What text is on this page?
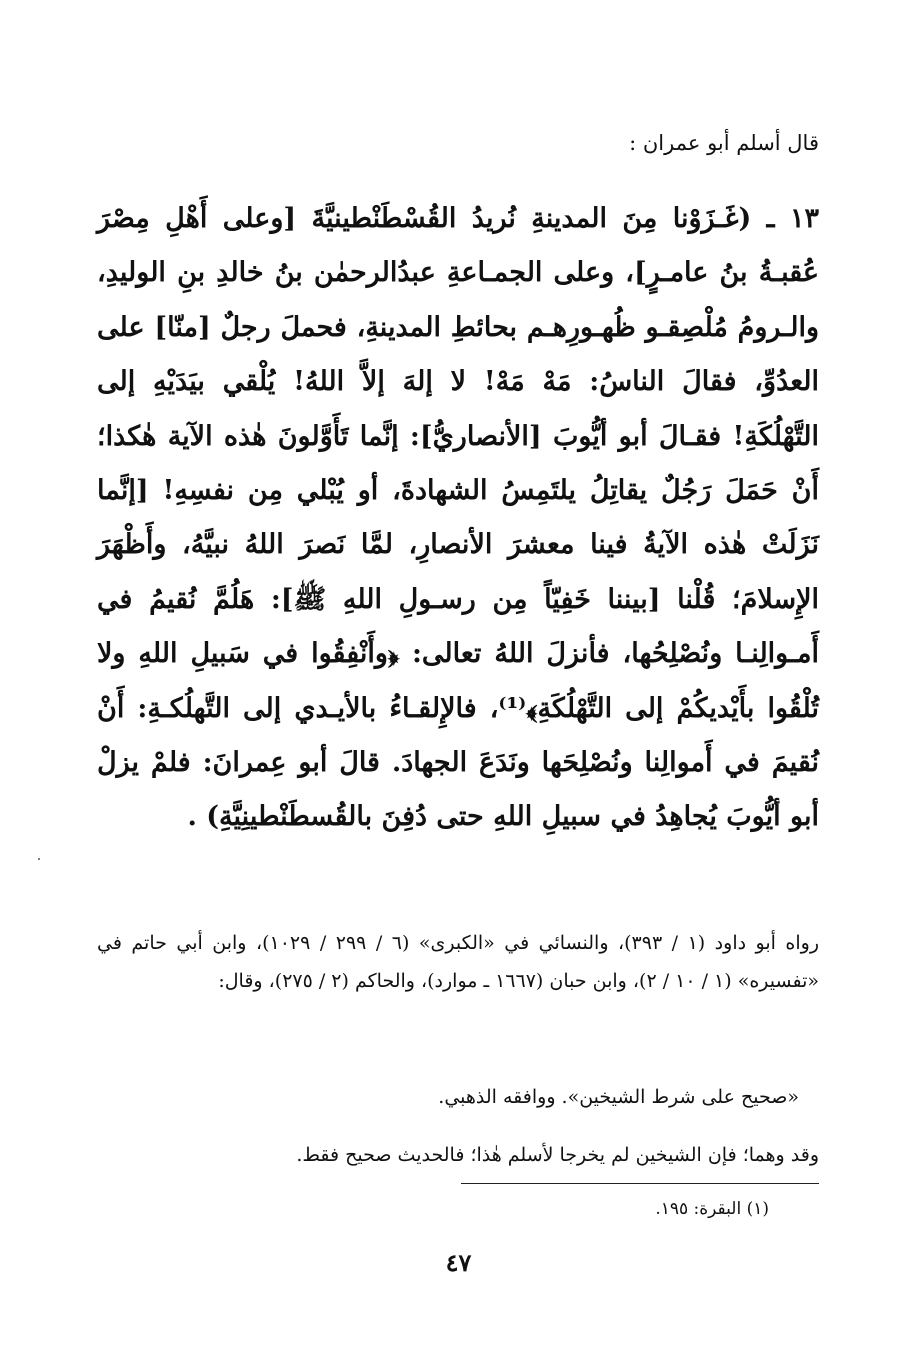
قال أسلم أبو عمران :

١٣ ـ (غَـزَوْنا مِنَ المدينةِ نُريدُ القُسْطَنْطينيَّةَ [وعلى أَهْلِ مِصْرَ عُقبـةُ بنُ عامـرٍ]، وعلى الجمـاعةِ عبدُالرحمٰن بنُ خالدِ بنِ الوليدِ، والـرومُ مُلْصِقـو ظُهـورِهـم بحائطِ المدينةِ، فحملَ رجلٌ [منّا] على العدُوِّ، فقالَ الناسُ: مَهْ مَهْ! لا إلهَ إلاَّ اللهُ! يُلْقي بيَدَيْهِ إلى التَّهْلُكَةِ! فقـالَ أبو أيُّوبَ [الأنصاريُّ]: إنَّما تَأَوَّلونَ هٰذه الآية هٰكذا؛ أَنْ حَمَلَ رَجُلٌ يقاتِلُ يلتَمِسُ الشهادةَ، أو يُبْلي مِن نفسِهِ! [إنَّما نَزَلَتْ هٰذه الآيةُ فينا معشرَ الأنصارِ، لمَّا نَصرَ اللهُ نبيَّهُ، وأَظْهَرَ الإِسلامَ؛ قُلْنا [بيننا خَفِيّاً مِن رسـولِ اللهِ ﷺ]: هَلُمَّ نُقيمُ في أَمـوالِنـا ونُصْلِحُها، فأنزلَ اللهُ تعالى: ﴿وأَنْفِقُوا في سَبيلِ اللهِ ولا تُلْقُوا بأَيْديكُمْ إلى التَّهْلُكَةِ﴾⁽¹⁾، فالإِلقـاءُ بالأيـدي إلى التَّهلُكـةِ: أَنْ نُقيمَ في أَموالِنا ونُصْلِحَها ونَدَعَ الجهادَ. قالَ أبو عِمرانَ: فلمْ يزلْ أبو أيُّوبَ يُجاهِدُ في سبيلِ اللهِ حتى دُفِنَ بالقُسطَنْطينِيَّةِ) .

رواه أبو داود (١ / ٣٩٣)، والنسائي في «الكبرى» (٦ / ٢٩٩ / ١٠٢٩)، وابن أبي حاتم في «تفسيره» (١ / ١٠ / ٢)، وابن حبان (١٦٦٧ ـ موارد)، والحاكم (٢ / ٢٧٥)، وقال:

«صحيح على شرط الشيخين». ووافقه الذهبي.
وقد وهما؛ فإن الشيخين لم يخرجا لأسلم هٰذا؛ فالحديث صحيح فقط.
(١) البقرة: ١٩٥.
٤٧
